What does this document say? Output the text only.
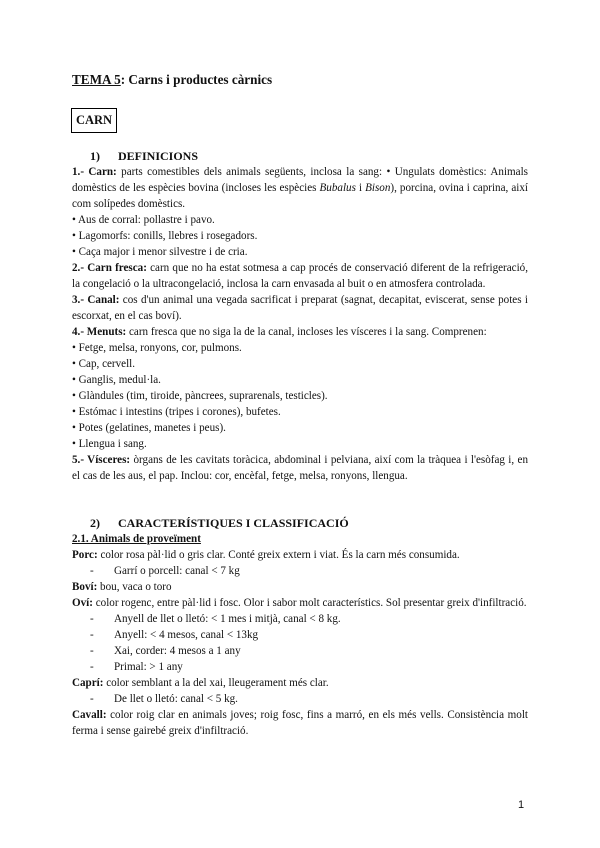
TEMA 5: Carns i productes càrnics
CARN
1) DEFINICIONS

1.- Carn: parts comestibles dels animals següents, inclosa la sang: • Ungulats domèstics: Animals domèstics de les espècies bovina (incloses les espècies Bubalus i Bison), porcina, ovina i caprina, així com solípedes domèstics.

• Aus de corral: pollastre i pavo.

• Lagomorfs: conills, llebres i rosegadors.

• Caça major i menor silvestre i de cria.

2.- Carn fresca: carn que no ha estat sotmesa a cap procés de conservació diferent de la refrigeració, la congelació o la ultracongelació, inclosa la carn envasada al buit o en atmosfera controlada.

3.- Canal: cos d'un animal una vegada sacrificat i preparat (sagnat, decapitat, eviscerat, sense potes i escorxat, en el cas boví).

4.- Menuts: carn fresca que no siga la de la canal, incloses les vísceres i la sang. Comprenen:

• Fetge, melsa, ronyons, cor, pulmons.

• Cap, cervell.

• Ganglis, medul·la.

• Glàndules (tim, tiroide, pàncrees, suprarenals, testicles).

• Estómac i intestins (tripes i corones), bufetes.

• Potes (gelatines, manetes i peus).

• Llengua i sang.

5.- Vísceres: òrgans de les cavitats toràcica, abdominal i pelviana, així com la tràquea i l'esòfag i, en el cas de les aus, el pap. Inclou: cor, encèfal, fetge, melsa, ronyons, llengua.

2) CARACTERÍSTIQUES I CLASSIFICACIÓ

2.1. Animals de proveïment

Porc: color rosa pàl·lid o gris clar. Conté greix extern i viat. És la carn més consumida.

- Garrí o porcell: canal < 7 kg

Boví: bou, vaca o toro

Oví: color rogenc, entre pàl·lid i fosc. Olor i sabor molt característics. Sol presentar greix d'infiltració.

- Anyell de llet o lletó: < 1 mes i mitjà, canal < 8 kg.

- Anyell: < 4 mesos, canal < 13kg

- Xai, corder: 4 mesos a 1 any

- Primal: > 1 any

Caprí: color semblant a la del xai, lleugerament més clar.

- De llet o lletó: canal < 5 kg.

Cavall: color roig clar en animals joves; roig fosc, fins a marró, en els més vells. Consistència molt ferma i sense gairebé greix d'infiltració.

1
